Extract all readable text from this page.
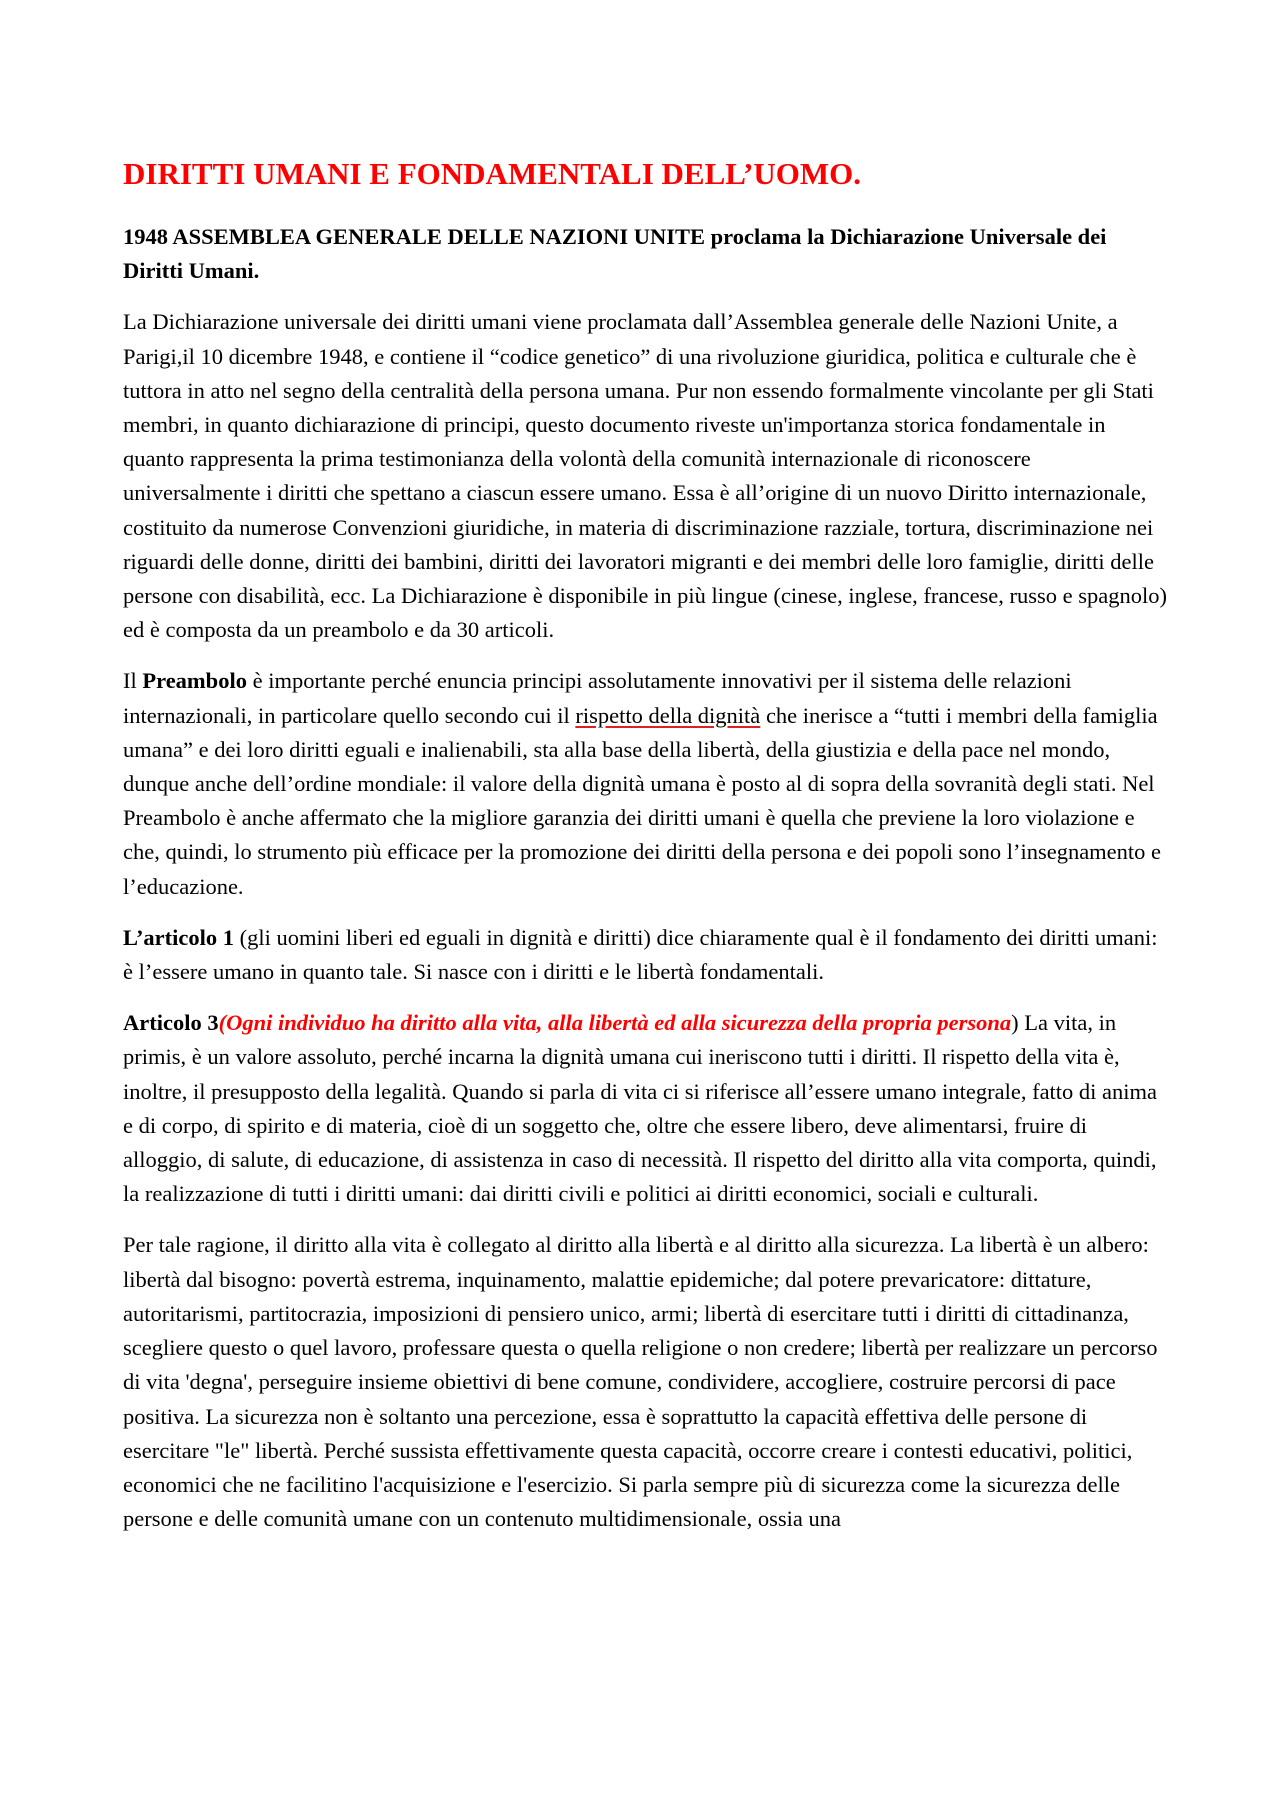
DIRITTI UMANI E FONDAMENTALI DELL’UOMO.

1948 ASSEMBLEA GENERALE DELLE NAZIONI UNITE proclama la Dichiarazione Universale dei Diritti Umani.

La Dichiarazione universale dei diritti umani viene proclamata dall’Assemblea generale delle Nazioni Unite, a Parigi,il 10 dicembre 1948, e contiene il “codice genetico” di una rivoluzione giuridica, politica e culturale che è tuttora in atto nel segno della centralità della persona umana. Pur non essendo formalmente vincolante per gli Stati membri, in quanto dichiarazione di principi, questo documento riveste un'importanza storica fondamentale in quanto rappresenta la prima testimonianza della volontà della comunità internazionale di riconoscere universalmente i diritti che spettano a ciascun essere umano. Essa è all’origine di un nuovo Diritto internazionale, costituito da numerose Convenzioni giuridiche, in materia di discriminazione razziale, tortura, discriminazione nei riguardi delle donne, diritti dei bambini, diritti dei lavoratori migranti e dei membri delle loro famiglie, diritti delle persone con disabilità, ecc. La Dichiarazione è disponibile in più lingue (cinese, inglese, francese, russo e spagnolo) ed è composta da un preambolo e da 30 articoli.

Il Preambolo è importante perché enuncia principi assolutamente innovativi per il sistema delle relazioni internazionali, in particolare quello secondo cui il rispetto della dignità che inerisce a “tutti i membri della famiglia umana” e dei loro diritti eguali e inalienabili, sta alla base della libertà, della giustizia e della pace nel mondo, dunque anche dell’ordine mondiale: il valore della dignità umana è posto al di sopra della sovranità degli stati. Nel Preambolo è anche affermato che la migliore garanzia dei diritti umani è quella che previene la loro violazione e che, quindi, lo strumento più efficace per la promozione dei diritti della persona e dei popoli sono l’insegnamento e l’educazione.

L’articolo 1 (gli uomini liberi ed eguali in dignità e diritti) dice chiaramente qual è il fondamento dei diritti umani: è l’essere umano in quanto tale. Si nasce con i diritti e le libertà fondamentali.

Articolo 3(Ogni individuo ha diritto alla vita, alla libertà ed alla sicurezza della propria persona) La vita, in primis, è un valore assoluto, perché incarna la dignità umana cui ineriscono tutti i diritti. Il rispetto della vita è, inoltre, il presupposto della legalità. Quando si parla di vita ci si riferisce all’essere umano integrale, fatto di anima e di corpo, di spirito e di materia, cioè di un soggetto che, oltre che essere libero, deve alimentarsi, fruire di alloggio, di salute, di educazione, di assistenza in caso di necessità. Il rispetto del diritto alla vita comporta, quindi, la realizzazione di tutti i diritti umani: dai diritti civili e politici ai diritti economici, sociali e culturali.

Per tale ragione, il diritto alla vita è collegato al diritto alla libertà e al diritto alla sicurezza. La libertà è un albero: libertà dal bisogno: povertà estrema, inquinamento, malattie epidemiche; dal potere prevaricatore: dittature, autoritarismi, partitocrazia, imposizioni di pensiero unico, armi; libertà di esercitare tutti i diritti di cittadinanza, scegliere questo o quel lavoro, professare questa o quella religione o non credere; libertà per realizzare un percorso di vita 'degna', perseguire insieme obiettivi di bene comune, condividere, accogliere, costruire percorsi di pace positiva. La sicurezza non è soltanto una percezione, essa è soprattutto la capacità effettiva delle persone di esercitare "le" libertà. Perché sussista effettivamente questa capacità, occorre creare i contesti educativi, politici, economici che ne facilitino l'acquisizione e l'esercizio. Si parla sempre più di sicurezza come la sicurezza delle persone e delle comunità umane con un contenuto multidimensionale, ossia una
